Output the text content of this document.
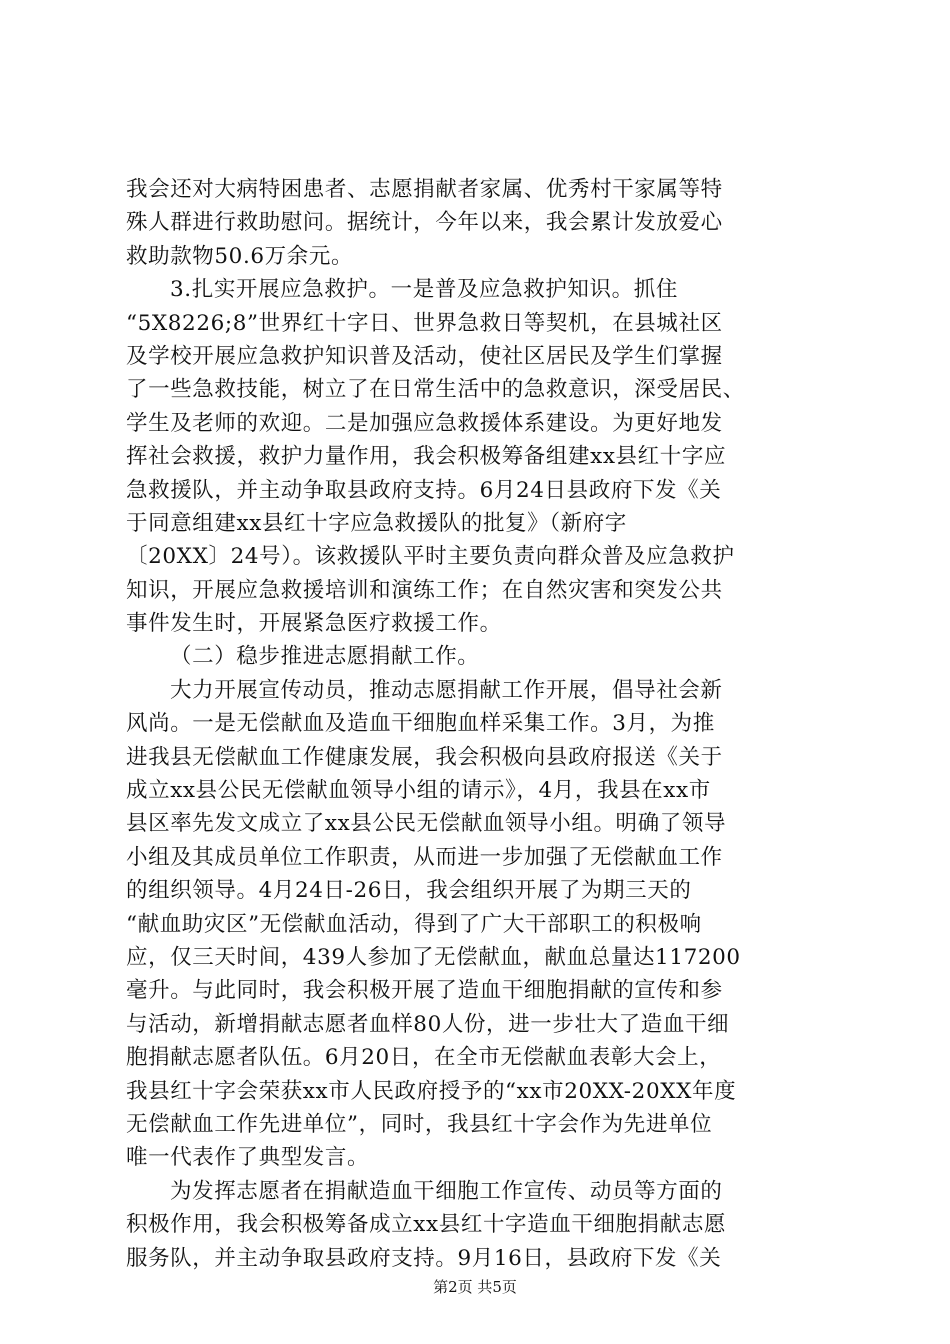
我会还对大病特困患者、志愿捐献者家属、优秀村干家属等特
殊人群进行救助慰问。据统计，今年以来，我会累计发放爱心
救助款物50.6万余元。
3.扎实开展应急救护。一是普及应急救护知识。抓住
“5X8226;8”世界红十字日、世界急救日等契机，在县城社区
及学校开展应急救护知识普及活动，使社区居民及学生们掌握
了一些急救技能，树立了在日常生活中的急救意识，深受居民、
学生及老师的欢迎。二是加强应急救援体系建设。为更好地发
挥社会救援，救护力量作用，我会积极筹备组建xx县红十字应
急救援队，并主动争取县政府支持。6月24日县政府下发《关
于同意组建xx县红十字应急救援队的批复》（新府字
〔20XX〕24号）。该救援队平时主要负责向群众普及应急救护
知识，开展应急救援培训和演练工作；在自然灾害和突发公共
事件发生时，开展紧急医疗救援工作。
（二）稳步推进志愿捐献工作。
大力开展宣传动员，推动志愿捐献工作开展，倡导社会新
风尚。一是无偿献血及造血干细胞血样采集工作。3月，为推
进我县无偿献血工作健康发展，我会积极向县政府报送《关于
成立xx县公民无偿献血领导小组的请示》，4月，我县在xx市
县区率先发文成立了xx县公民无偿献血领导小组。明确了领导
小组及其成员单位工作职责，从而进一步加强了无偿献血工作
的组织领导。4月24日-26日，我会组织开展了为期三天的
“献血助灾区”无偿献血活动，得到了广大干部职工的积极响
应，仅三天时间，439人参加了无偿献血，献血总量达117200
毫升。与此同时，我会积极开展了造血干细胞捐献的宣传和参
与活动，新增捐献志愿者血样80人份，进一步壮大了造血干细
胞捐献志愿者队伍。6月20日，在全市无偿献血表彰大会上，
我县红十字会荣获xx市人民政府授予的“xx市20XX-20XX年度
无偿献血工作先进单位”，同时，我县红十字会作为先进单位
唯一代表作了典型发言。
为发挥志愿者在捐献造血干细胞工作宣传、动员等方面的
积极作用，我会积极筹备成立xx县红十字造血干细胞捐献志愿
服务队，并主动争取县政府支持。9月16日，县政府下发《关
第2页 共5页
